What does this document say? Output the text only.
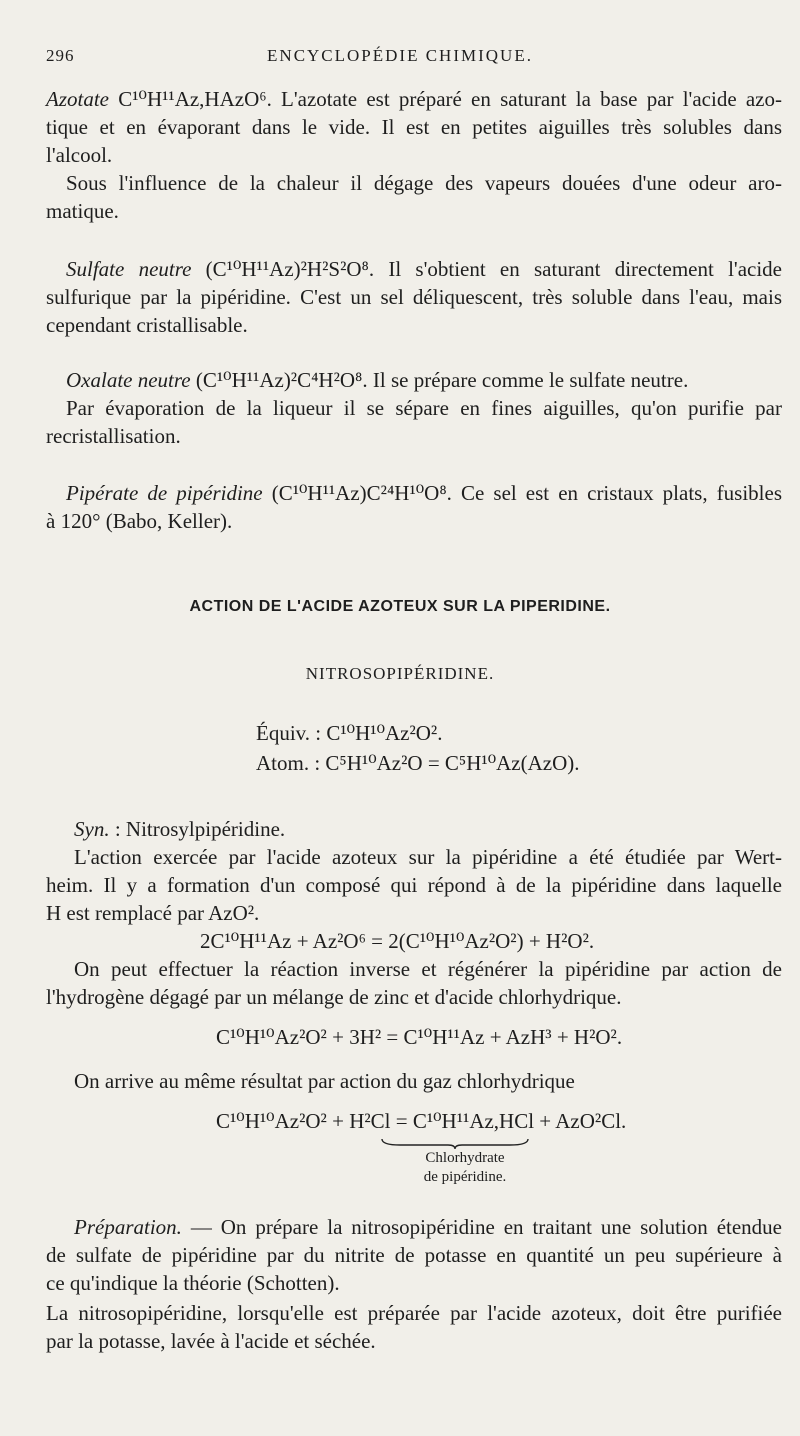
296	ENCYCLOPÉDIE CHIMIQUE.
Azotate C¹⁰H¹¹Az,HAzO⁶. L'azotate est préparé en saturant la base par l'acide azo-
tique et en évaporant dans le vide. Il est en petites aiguilles très solubles dans
l'alcool.
Sous l'influence de la chaleur il dégage des vapeurs douées d'une odeur aro-
matique.
Sulfate neutre (C¹⁰H¹¹Az)²H²S²O⁸. Il s'obtient en saturant directement l'acide
sulfurique par la pipéridine. C'est un sel déliquescent, très soluble dans l'eau, mais
cependant cristallisable.
Oxalate neutre (C¹⁰H¹¹Az)²C⁴H²O⁸. Il se prépare comme le sulfate neutre.
Par évaporation de la liqueur il se sépare en fines aiguilles, qu'on purifie par
recristallisation.
Pipérate de pipéridine (C¹⁰H¹¹Az)C²⁴H¹⁰O⁸. Ce sel est en cristaux plats, fusibles
à 120° (Babo, Keller).
ACTION DE L'ACIDE AZOTEUX SUR LA PIPERIDINE.
NITROSOPIPÉRIDINE.
Équiv. : C¹⁰H¹⁰Az²O².
Atom. : C⁵H¹⁰Az²O = C⁵H¹⁰Az(AzO).
Syn. : Nitrosylpipéridine.
L'action exercée par l'acide azoteux sur la pipéridine a été étudiée par Wert-
heim. Il y a formation d'un composé qui répond à de la pipéridine dans laquelle
H est remplacé par AzO².
2C¹⁰H¹¹Az + Az²O⁶ = 2(C¹⁰H¹⁰Az²O²) + H²O².
On peut effectuer la réaction inverse et régénérer la pipéridine par action de
l'hydrogène dégagé par un mélange de zinc et d'acide chlorhydrique.
C¹⁰H¹⁰Az²O² + 3H² = C¹⁰H¹¹Az + AzH³ + H²O².
On arrive au même résultat par action du gaz chlorhydrique
C¹⁰H¹⁰Az²O² + H²Cl = C¹⁰H¹¹Az,HCl + AzO²Cl.
Chlorhydrate
de pipéridine.
Préparation. — On prépare la nitrosopipéridine en traitant une solution étendue
de sulfate de pipéridine par du nitrite de potasse en quantité un peu supérieure à
ce qu'indique la théorie (Schotten).
La nitrosopipéridine, lorsqu'elle est préparée par l'acide azoteux, doit être purifiée
par la potasse, lavée à l'acide et séchée.
